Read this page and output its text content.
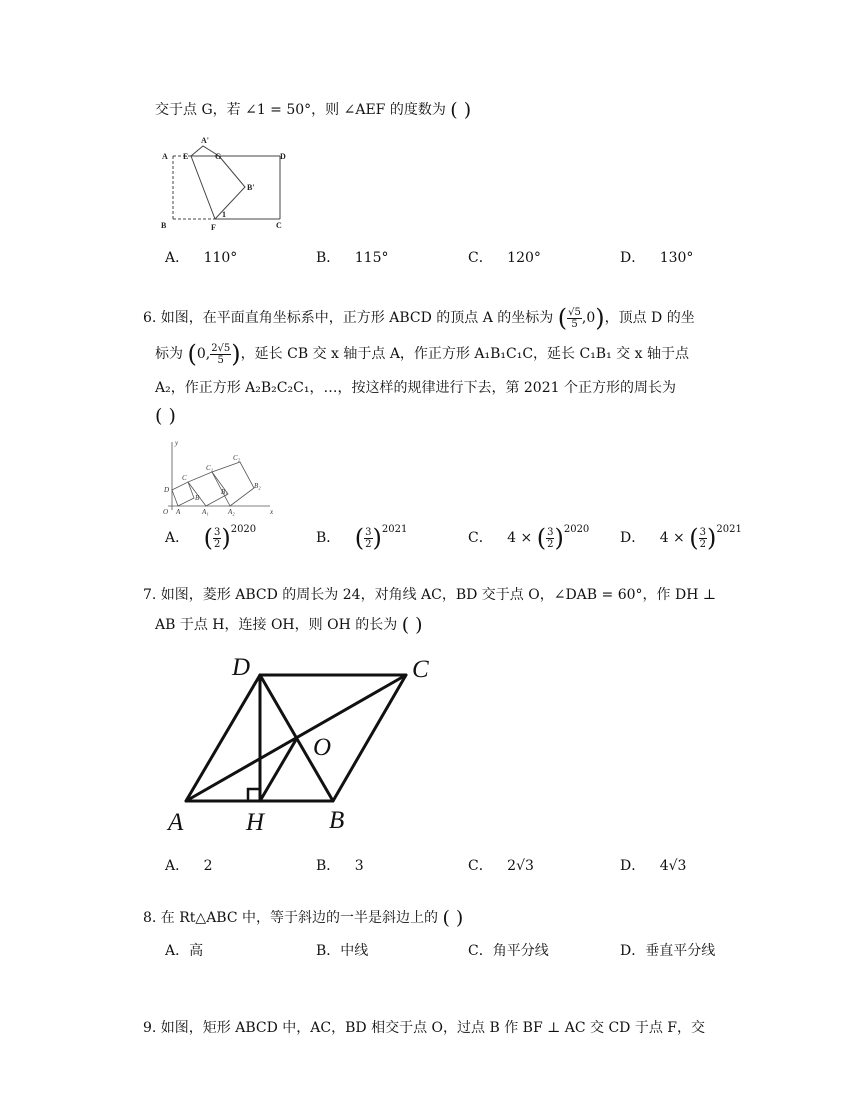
交于点 G，若 ∠1 = 50°，则 ∠AEF 的度数为 ( )
A E
A'
G	D
B'
B	F
1
C
A． 110°	B． 115°	C． 120°	D． 130°
6. 如图，在平面直角坐标系中，正方形 ABCD 的顶点 A 的坐标为 ( $\frac{√5}{5} ,0$)，顶点 D 的坐
标为 (0, $\frac{2√5}{5}$ )，延长 CB 交 x 轴于点 A，作正方形 A₁B₁C₁C，延长 C₁B₁ 交 x 轴于点
A₂，作正方形 A₂B₂C₂C₁，…，按这样的规律进行下去，第 2021 个正方形的周长为
( )
y
x
O A	A₁	A₂
D
C
B
C₁
B₁
C₂
B₂
A． ( $\frac{3}{2} )^{2020}$
B． ( $\frac{3}{2} )^{2021}$
C． 4 × ( $\frac{3}{2} )^{2020}$
D． 4 × ( $\frac{3}{2} )^{2021}$
7. 如图，菱形 ABCD 的周长为 24，对角线 AC，BD 交于点 O，∠DAB = 60°，作 DH ⊥
AB 于点 H，连接 OH，则 OH 的长为 ( )
D	C
O
A	H	B
A． 2	B． 3	C． 2√3	D． 4√3
8. 在 Rt△ABC 中，等于斜边的一半是斜边上的 ( )
A．高	B．中线	C．角平分线	D．垂直平分线
9. 如图，矩形 ABCD 中，AC，BD 相交于点 O，过点 B 作 BF ⊥ AC 交 CD 于点 F，交
